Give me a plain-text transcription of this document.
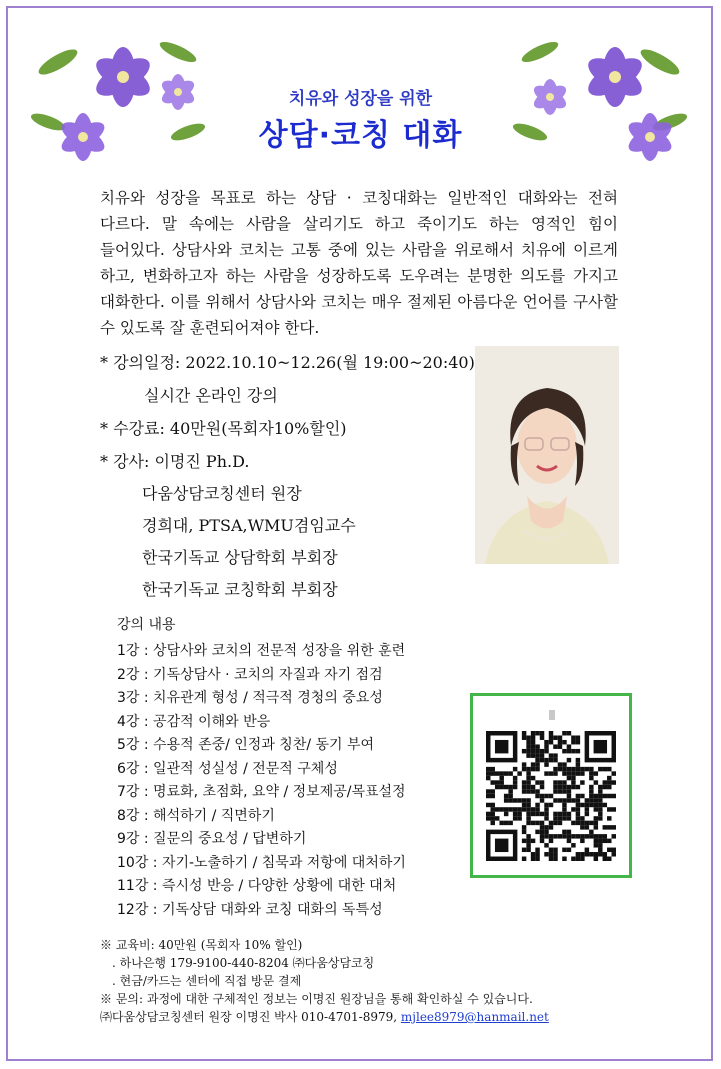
치유와 성장을 위한
상담·코칭 대화
치유와 성장을 목표로 하는 상담 · 코칭대화는 일반적인 대화와는 전혀 다르다. 말 속에는 사람을 살리기도 하고 죽이기도 하는 영적인 힘이 들어있다. 상담사와 코치는 고통 중에 있는 사람을 위로해서 치유에 이르게 하고, 변화하고자 하는 사람을 성장하도록 도우려는 분명한 의도를 가지고 대화한다. 이를 위해서 상담사와 코치는 매우 절제된 아름다운 언어를 구사할 수 있도록 잘 훈련되어져야 한다.
* 강의일정: 2022.10.10~12.26(월 19:00~20:40)
실시간 온라인 강의
* 수강료: 40만원(목회자10%할인)
* 강사: 이명진 Ph.D.
다움상담코칭센터 원장
경희대, PTSA,WMU겸임교수
한국기독교 상담학회 부회장
한국기독교 코칭학회 부회장
강의 내용
1강 : 상담사와 코치의 전문적 성장을 위한 훈련
2강 : 기독상담사 · 코치의 자질과 자기 점검
3강 : 치유관계 형성 / 적극적 경청의 중요성
4강 : 공감적 이해와 반응
5강 : 수용적 존중/ 인정과 칭찬/ 동기 부여
6강 : 일관적 성실성 / 전문적 구체성
7강 : 명료화, 초점화, 요약 / 정보제공/목표설정
8강 : 해석하기 / 직면하기
9강 : 질문의 중요성 / 답변하기
10강 : 자기-노출하기 / 침묵과 저항에 대처하기
11강 : 즉시성 반응 / 다양한 상황에 대한 대처
12강 : 기독상담 대화와 코칭 대화의 독특성
※ 교육비: 40만원 (목회자 10% 할인)
. 하나은행 179-9100-440-8204 ㈜다움상담코칭
. 현금/카드는 센터에 직접 방문 결제
※ 문의: 과정에 대한 구체적인 정보는 이명진 원장님을 통해 확인하실 수 있습니다.
㈜다움상담코칭센터 원장 이명진 박사 010-4701-8979, mjlee8979@hanmail.net
